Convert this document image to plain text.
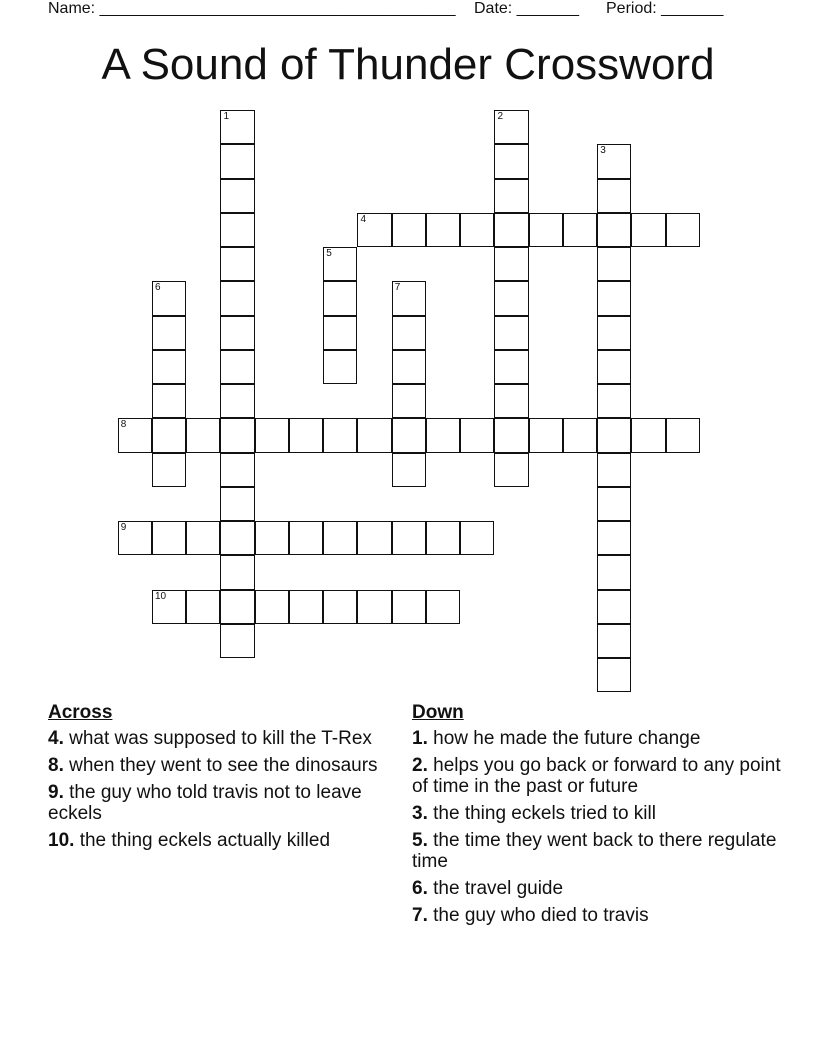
Name: ________________________________________ Date: _______ Period: _______
A Sound of Thunder Crossword
1	2
3
4
5
6	7
8
9
10
Across
4. what was supposed to kill the T-Rex
8. when they went to see the dinosaurs
9. the guy who told travis not to leave eckels
10. the thing eckels actually killed
Down
1. how he made the future change
2. helps you go back or forward to any point of time in the past or future
3. the thing eckels tried to kill
5. the time they went back to there regulate time
6. the travel guide
7. the guy who died to travis
